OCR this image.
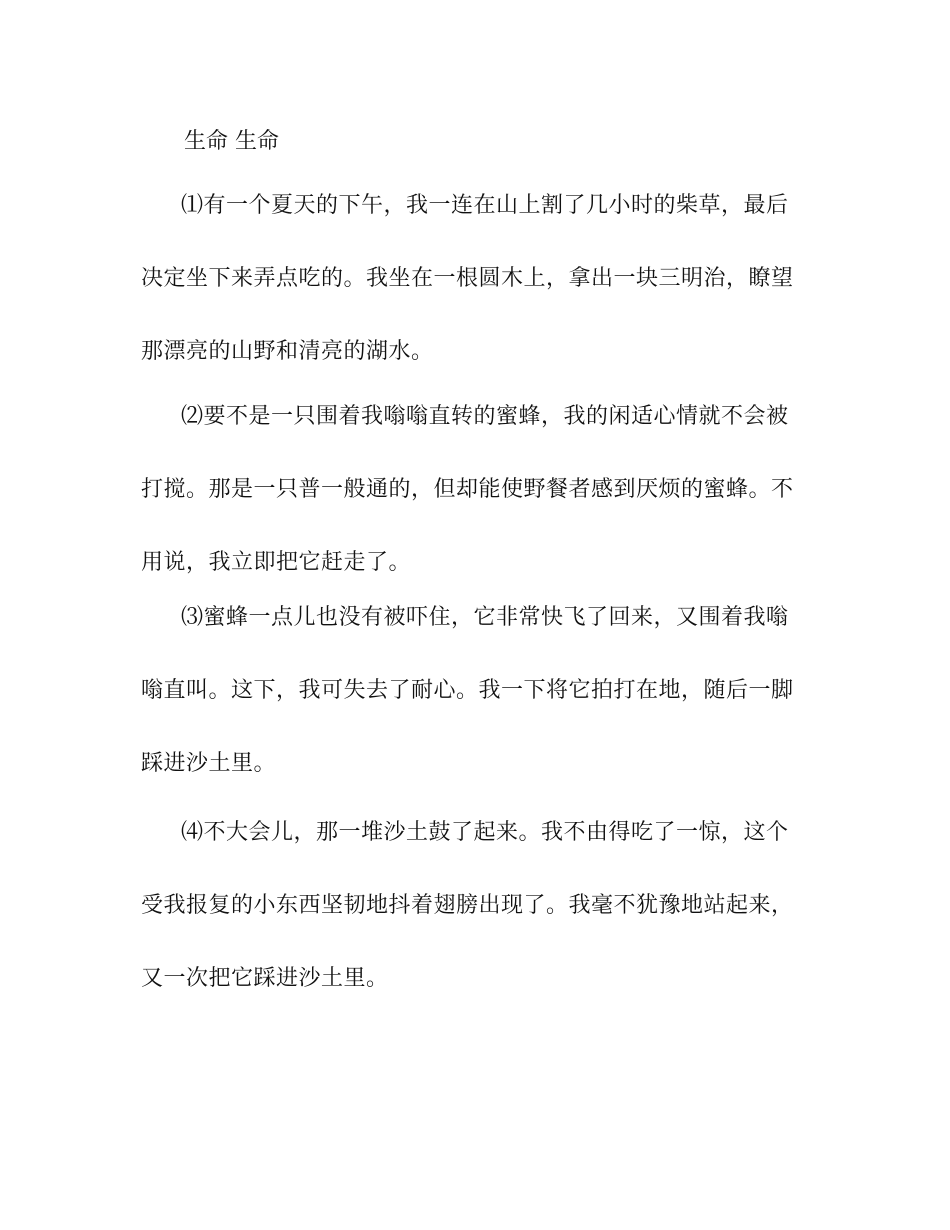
生命 生命

⑴有一个夏天的下午，我一连在山上割了几小时的柴草，最后决定坐下来弄点吃的。我坐在一根圆木上，拿出一块三明治，瞭望那漂亮的山野和清亮的湖水。

⑵要不是一只围着我嗡嗡直转的蜜蜂，我的闲适心情就不会被打搅。那是一只普一般通的，但却能使野餐者感到厌烦的蜜蜂。不用说，我立即把它赶走了。

⑶蜜蜂一点儿也没有被吓住，它非常快飞了回来，又围着我嗡嗡直叫。这下，我可失去了耐心。我一下将它拍打在地，随后一脚踩进沙土里。

⑷不大会儿，那一堆沙土鼓了起来。我不由得吃了一惊，这个受我报复的小东西坚韧地抖着翅膀出现了。我毫不犹豫地站起来，又一次把它踩进沙土里。
